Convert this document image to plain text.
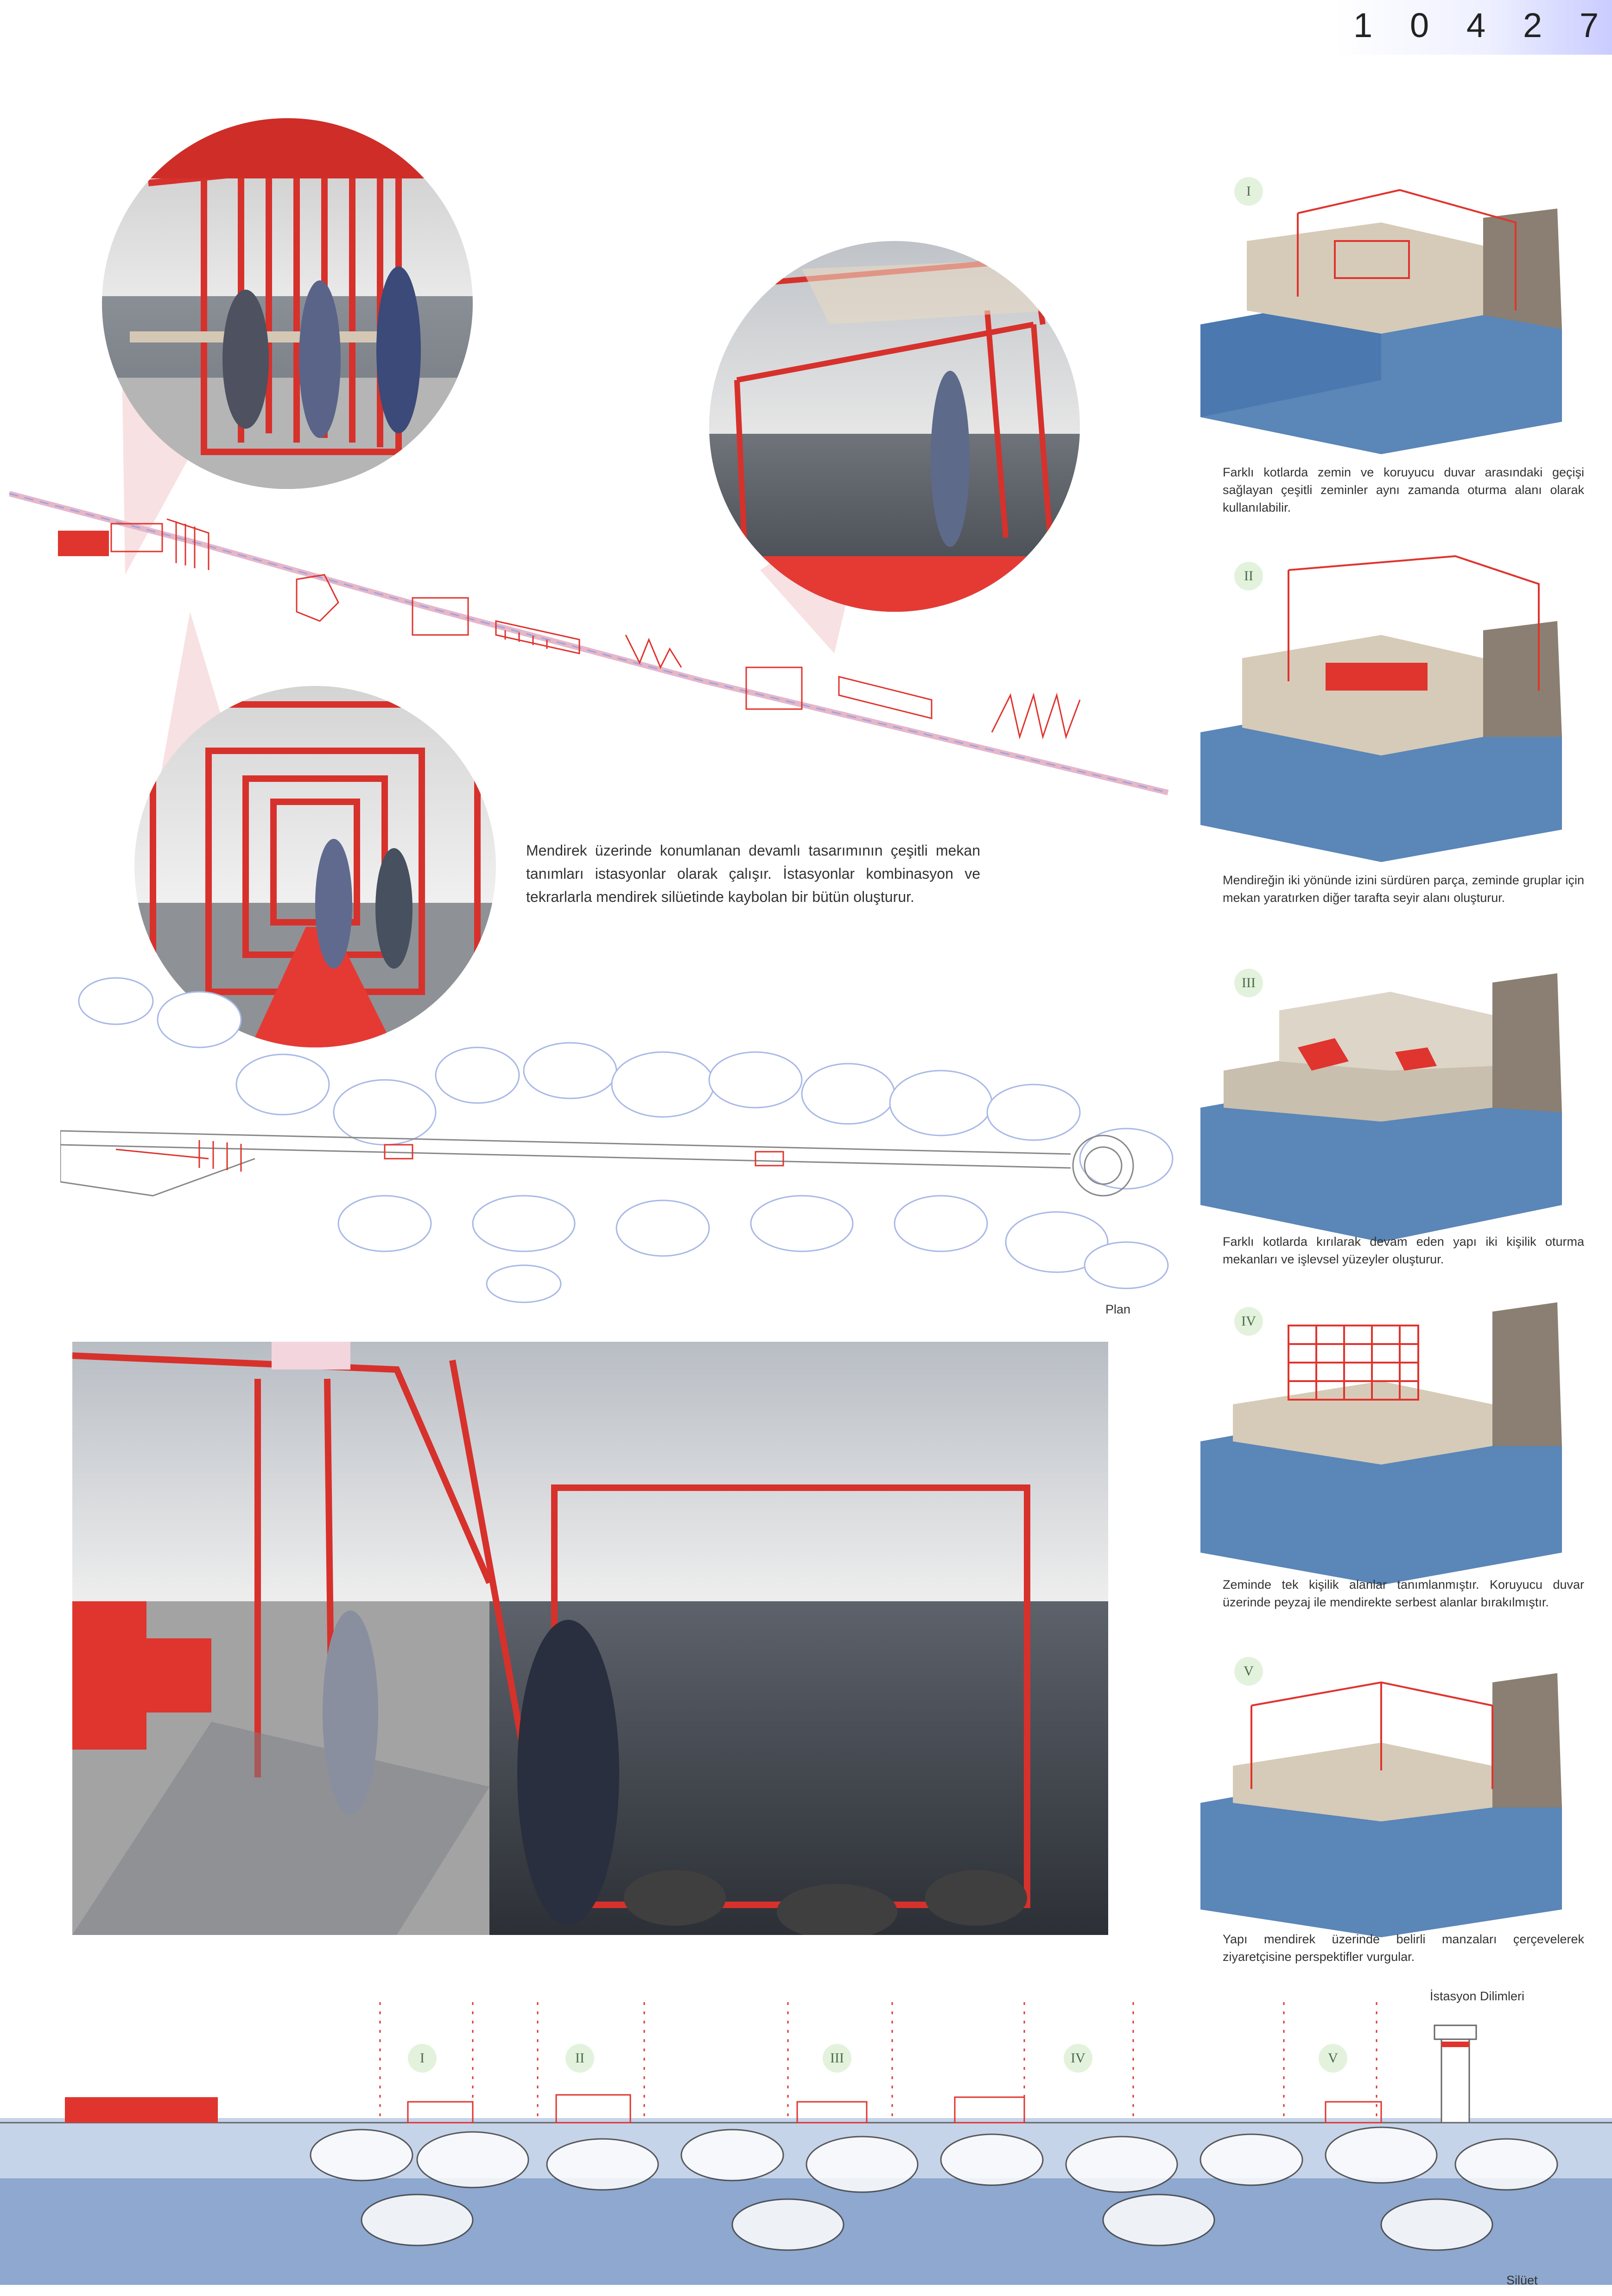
1 0 4 2 7
Mendirek üzerinde konumlanan devamlı tasarımının çeşitli mekan tanımları istasyonlar olarak çalışır. İstasyonlar kombinasyon ve tekrarlarla mendirek silüetinde kaybolan bir bütün oluşturur.
Plan
I
Farklı kotlarda zemin ve koruyucu duvar arasındaki geçişi sağlayan çeşitli zeminler aynı zamanda oturma alanı olarak kullanılabilir.
II
Mendireğin iki yönünde izini sürdüren parça, zeminde gruplar için mekan yaratırken diğer tarafta seyir alanı oluşturur.
III
Farklı kotlarda kırılarak devam eden yapı iki kişilik oturma mekanları ve işlevsel yüzeyler oluşturur.
IV
Zeminde tek kişilik alanlar tanımlanmıştır. Koruyucu duvar üzerinde peyzaj ile mendirekte serbest alanlar bırakılmıştır.
V
Yapı mendirek üzerinde belirli manzaları çerçevelerek ziyaretçisine perspektifler vurgular.
İstasyon Dilimleri
I	II	III	IV	V
Silüet
